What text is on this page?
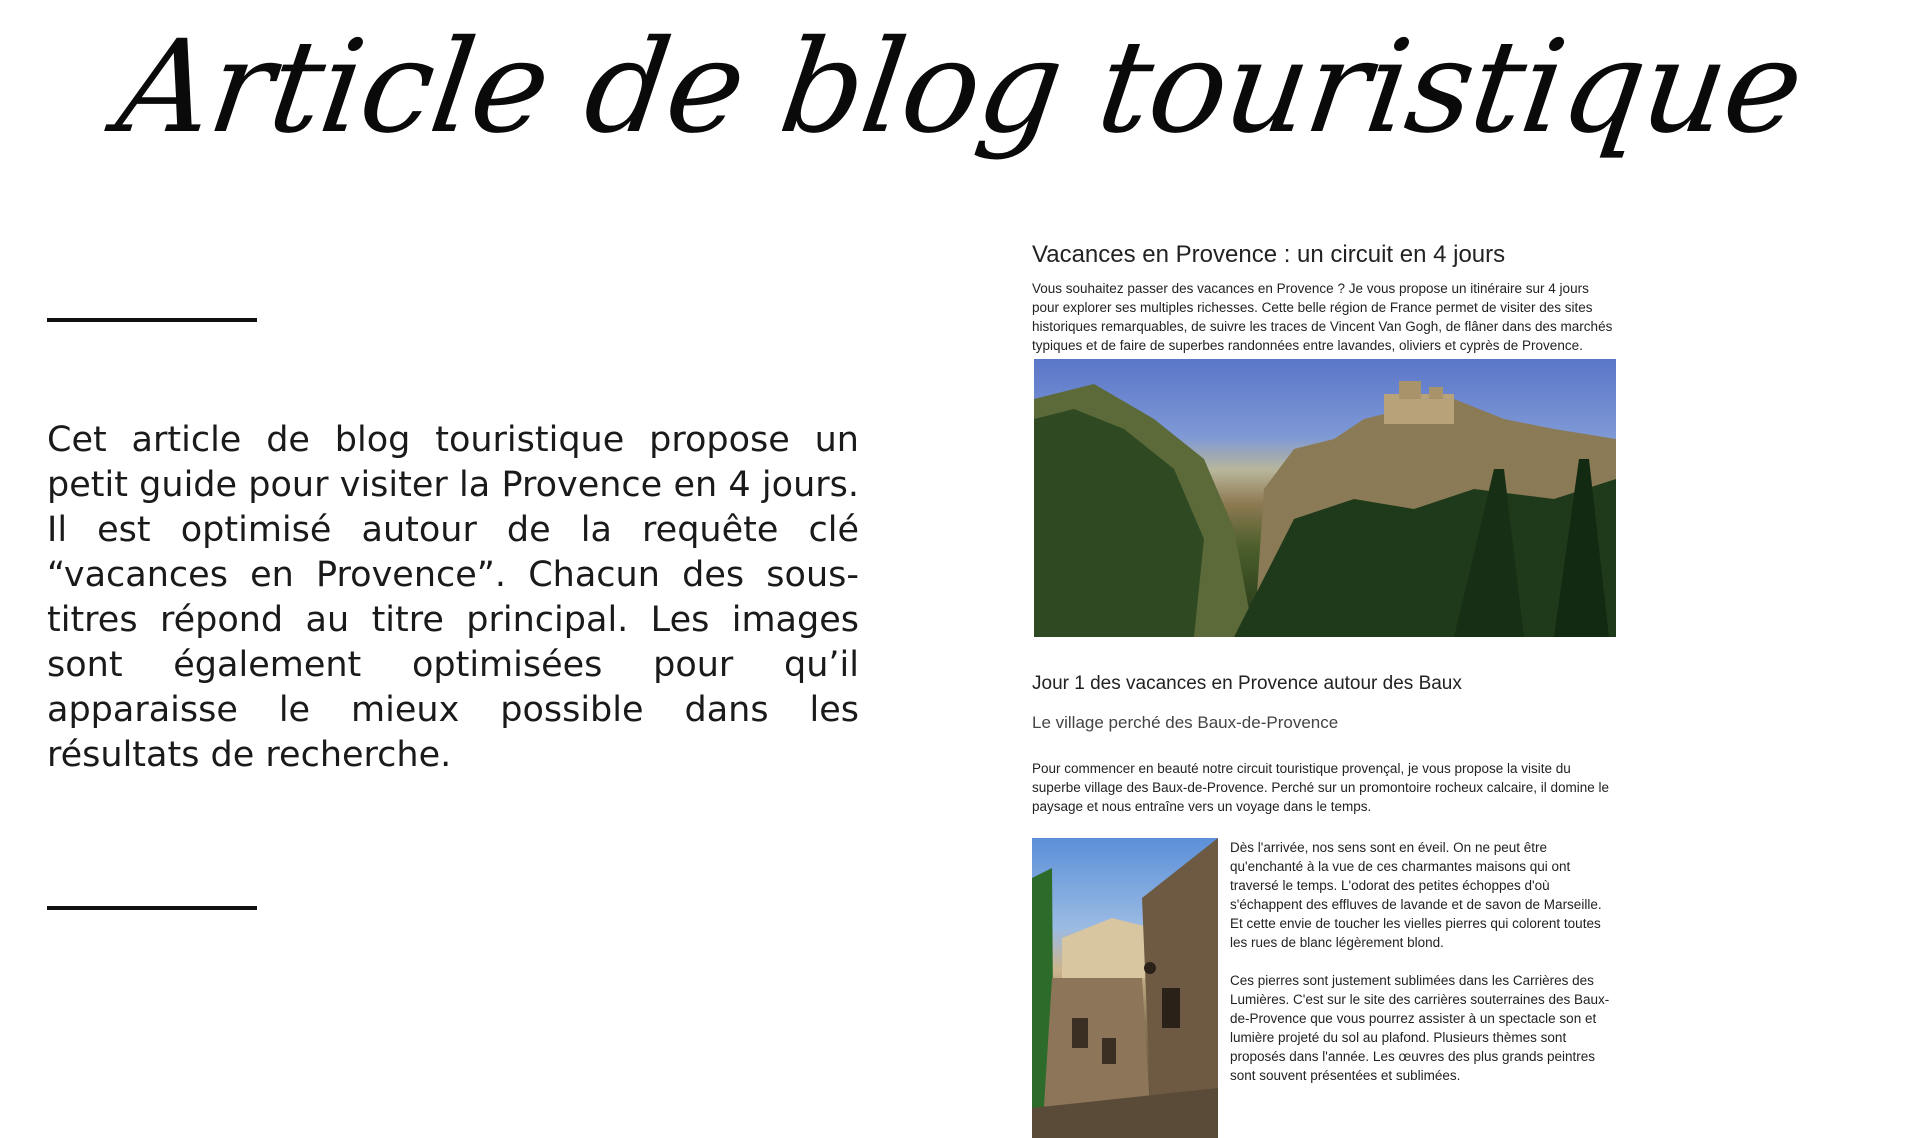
Article de blog touristique

Cet article de blog touristique propose un petit guide pour visiter la Provence en 4 jours. Il est optimisé autour de la requête clé “vacances en Provence”. Chacun des sous-titres répond au titre principal. Les images sont également optimisées pour qu’il apparaisse le mieux possible dans les résultats de recherche.

Vacances en Provence : un circuit en 4 jours

Vous souhaitez passer des vacances en Provence ? Je vous propose un itinéraire sur 4 jours pour explorer ses multiples richesses. Cette belle région de France permet de visiter des sites historiques remarquables, de suivre les traces de Vincent Van Gogh, de flâner dans des marchés typiques et de faire de superbes randonnées entre lavandes, oliviers et cyprès de Provence.

Jour 1 des vacances en Provence autour des Baux
Le village perché des Baux-de-Provence

Pour commencer en beauté notre circuit touristique provençal, je vous propose la visite du superbe village des Baux-de-Provence. Perché sur un promontoire rocheux calcaire, il domine le paysage et nous entraîne vers un voyage dans le temps.

Dès l'arrivée, nos sens sont en éveil. On ne peut être qu'enchanté à la vue de ces charmantes maisons qui ont traversé le temps. L'odorat des petites échoppes d'où s'échappent des effluves de lavande et de savon de Marseille. Et cette envie de toucher les vielles pierres qui colorent toutes les rues de blanc légèrement blond.

Ces pierres sont justement sublimées dans les Carrières des Lumières. C'est sur le site des carrières souterraines des Baux-de-Provence que vous pourrez assister à un spectacle son et lumière projeté du sol au plafond. Plusieurs thèmes sont proposés dans l'année. Les œuvres des plus grands peintres sont souvent présentées et sublimées.
